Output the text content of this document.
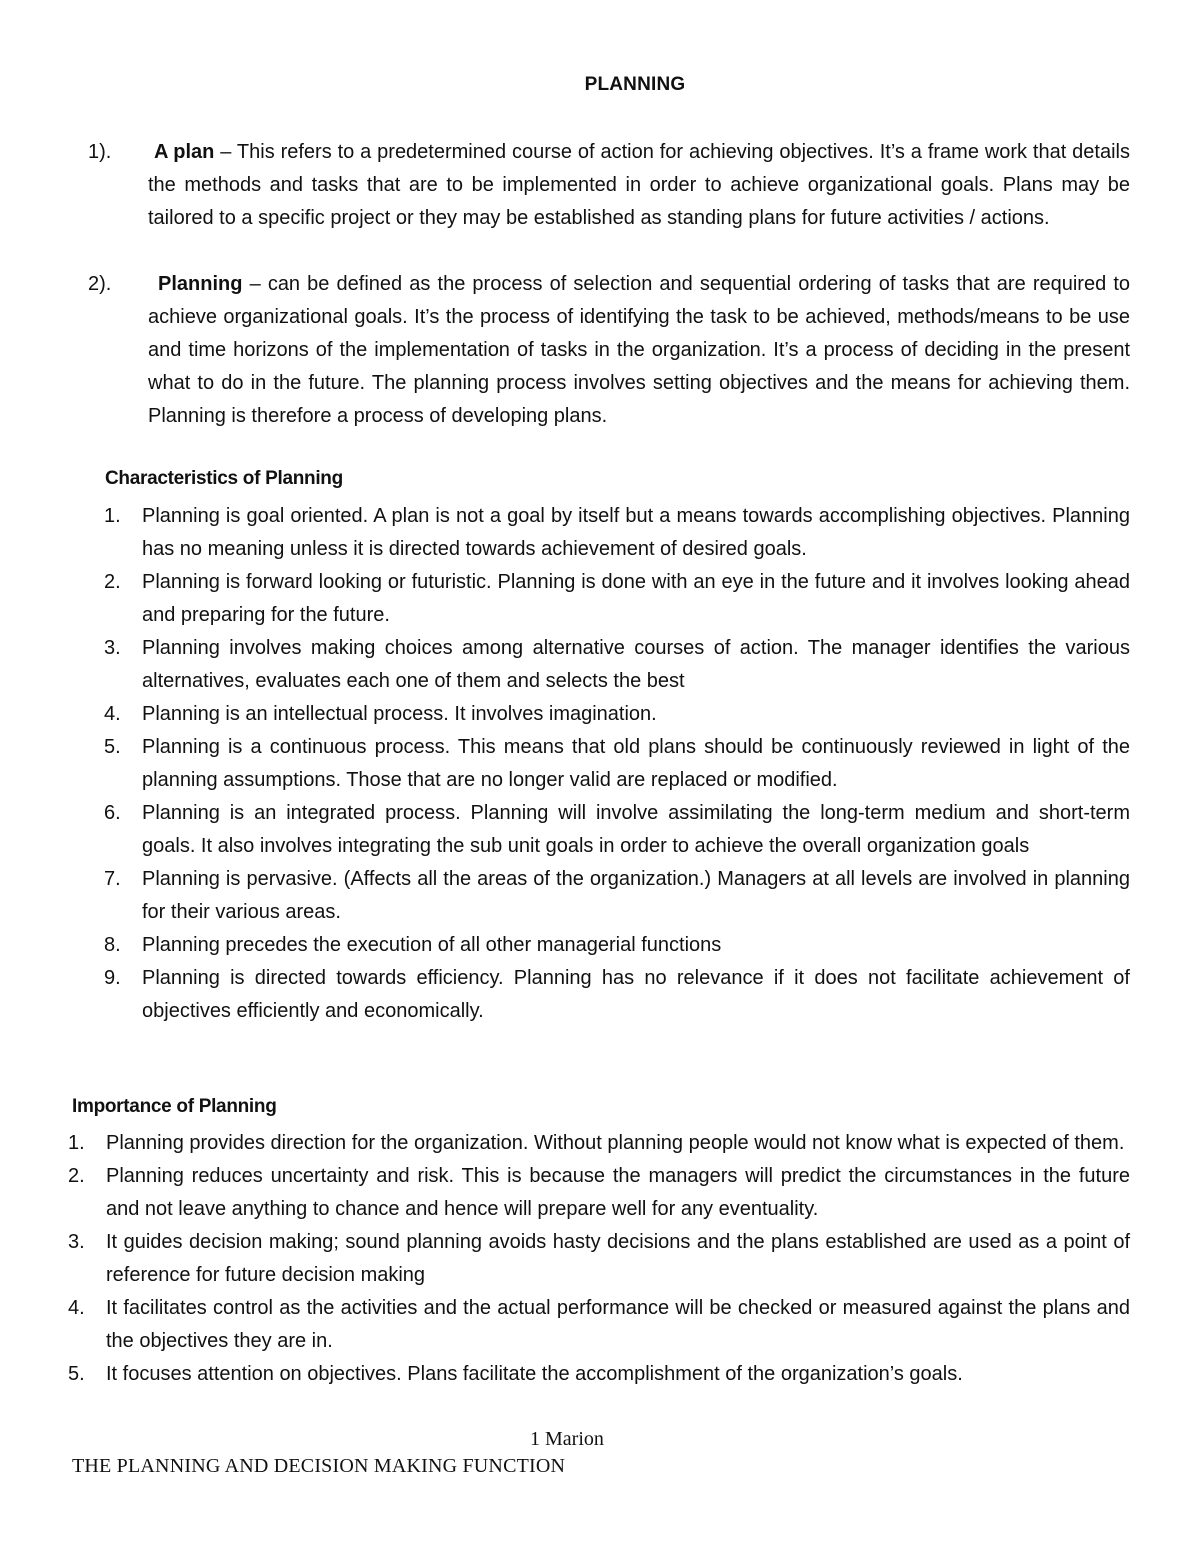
PLANNING
1).	A plan – This refers to a predetermined course of action for achieving objectives. It’s a frame work that details the methods and tasks that are to be implemented in order to achieve organizational goals. Plans may be tailored to a specific project or they may be established as standing plans for future activities / actions.
2).	Planning – can be defined as the process of selection and sequential ordering of tasks that are required to achieve organizational goals. It’s the process of identifying the task to be achieved, methods/means to be use and time horizons of the implementation of tasks in the organization. It’s a process of deciding in the present what to do in the future. The planning process involves setting objectives and the means for achieving them. Planning is therefore a process of developing plans.
Characteristics of Planning
1. Planning is goal oriented. A plan is not a goal by itself but a means towards accomplishing objectives. Planning has no meaning unless it is directed towards achievement of desired goals.
2. Planning is forward looking or futuristic. Planning is done with an eye in the future and it involves looking ahead and preparing for the future.
3. Planning involves making choices among alternative courses of action. The manager identifies the various alternatives, evaluates each one of them and selects the best
4. Planning is an intellectual process. It involves imagination.
5. Planning is a continuous process. This means that old plans should be continuously reviewed in light of the planning assumptions. Those that are no longer valid are replaced or modified.
6. Planning is an integrated process. Planning will involve assimilating the long-term medium and short-term goals. It also involves integrating the sub unit goals in order to achieve the overall organization goals
7. Planning is pervasive. (Affects all the areas of the organization.) Managers at all levels are involved in planning for their various areas.
8. Planning precedes the execution of all other managerial functions
9. Planning is directed towards efficiency. Planning has no relevance if it does not facilitate achievement of objectives efficiently and economically.
Importance of Planning
1. Planning provides direction for the organization. Without planning people would not know what is expected of them.
2. Planning reduces uncertainty and risk. This is because the managers will predict the circumstances in the future and not leave anything to chance and hence will prepare well for any eventuality.
3. It guides decision making; sound planning avoids hasty decisions and the plans established are used as a point of reference for future decision making
4. It facilitates control as the activities and the actual performance will be checked or measured against the plans and the objectives they are in.
5. It focuses attention on objectives. Plans facilitate the accomplishment of the organization’s goals.
1 Marion
THE PLANNING AND DECISION MAKING FUNCTION
